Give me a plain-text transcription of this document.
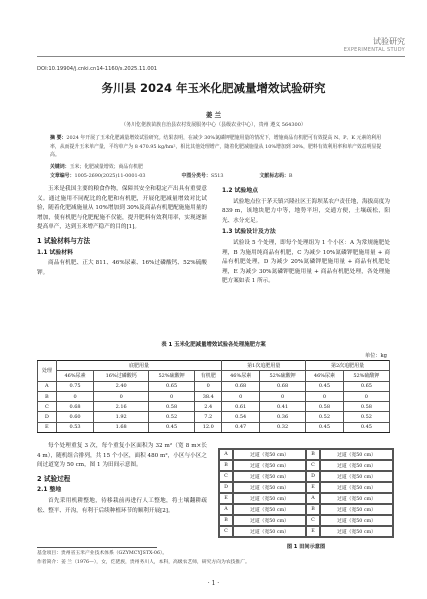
试验研究
EXPERIMENTAL STUDY
DOI:10.19904/j.cnki.cn14-1160/s.2025.11.001
务川县 2024 年玉米化肥减量增效试验研究
姜 兰
（务川仡佬族苗族自治县农村发展服务中心（县级农业中心），贵州 遵义 564300）
摘 要：2024 年开展了玉米化肥减量增效试验研究。结果表明，在减少 30%氮磷钾肥施用量的情况下，增施商品有机肥可有效提高 N、P、K 元素的利用率，从而提升玉米单产量，平均单产为 8 470.95 kg/hm²，相比其他处理增产，随着化肥减施量从 10%增加到 30%，肥料有效利用率和单产效益明显提高。
关键词：玉米；化肥减量增效；商品有机肥
文章编号：1005-2690(2025)11-0001-03	中图分类号：S513	文献标志码：B

玉米是我国主要的粮食作物，保障其安全和稳定产出具有重要意义。通过施用不同配比的化肥和有机肥，开展化肥减量增效对比试验，随着化肥减施量从 10%增加到 30%及商品有机肥配施施用量的增加，使有机肥与化肥配施不仅能，提升肥料有效利用率，实现逐渐提高单产，达到玉米增产稳产的目的[1]。

1 试验材料与方法
1.1 试验材料

商品有机肥、正大 811、46%尿素、16%过磷酸钙、52%硫酸钾。

1.2 试验地点

试验地点位于茅天镇兴隆社区王海坝某农户责任地，海拔高度为 839 m，该地块肥力中等，地势平坦，交通方便，土壤疏松，阳光、水分充足。

1.3 试验设计及方法

试验设 5 个处理，即每个处理组为 1 个小区：A 为常规施肥处理，B 为施用纯商品有机肥，C 为减少 10%氮磷钾肥施用量 + 商品有机肥处理，D 为减少 20%氮磷钾肥施用量 + 商品有机肥处理，E 为减少 30%氮磷钾肥施用量 + 商品有机肥处理，各处理施肥方案如表 1 所示。

表 1 玉米化肥减量增效试验各处理施肥方案
单位：kg
处理	底肥用量				第1次追肥用量		第2次追肥用量	
	46%尿素	16%过磷酸钙	52%硫酸钾	有机肥	46%尿素	52%硫酸钾	46%尿素	52%硫酸钾
A	0.75	2.40	0.65	0	0.68	0.68	0.45	0.65
B	0	0	0	38.4	0	0	0	0
C	0.68	2.16	0.58	2.4	0.61	0.41	0.58	0.58
D	0.60	1.92	0.52	7.2	0.54	0.36	0.52	0.52
E	0.53	1.68	0.45	12.0	0.47	0.32	0.45	0.45

每个处理重复 3 次，每个重复小区面积为 32 m²（宽 8 m×长 4 m），随机组合排列，共 15 个小区，面积 480 m²，小区与小区之间过道宽为 50 cm，图 1 为田间示意图。

2 试验过程
2.1 整地

首先采用机耕整地，待移栽前再进行人工整地，将土壤翻耕疏松、整平、开沟，有利于后续种植环节的顺利开展[2]。

A	过道（宽50 cm）	B	过道（宽50 cm）
B	过道（宽50 cm）	C	过道（宽50 cm）
C	过道（宽50 cm）	D	过道（宽50 cm）
D	过道（宽50 cm）	E	过道（宽50 cm）
E	过道（宽50 cm）	A	过道（宽50 cm）
A	过道（宽50 cm）	B	过道（宽50 cm）
B	过道（宽50 cm）	C	过道（宽50 cm）
C	过道（宽50 cm）	E	过道（宽50 cm）
图 1 田间示意图
基金项目：贵州省玉米产业技术体系（GZYMCYJSTX-06）。
作者简介：姜 兰（1976—），女，仡佬族，贵州务川人，本科，高级农艺师，研究方向为农技推广。
· 1 ·
